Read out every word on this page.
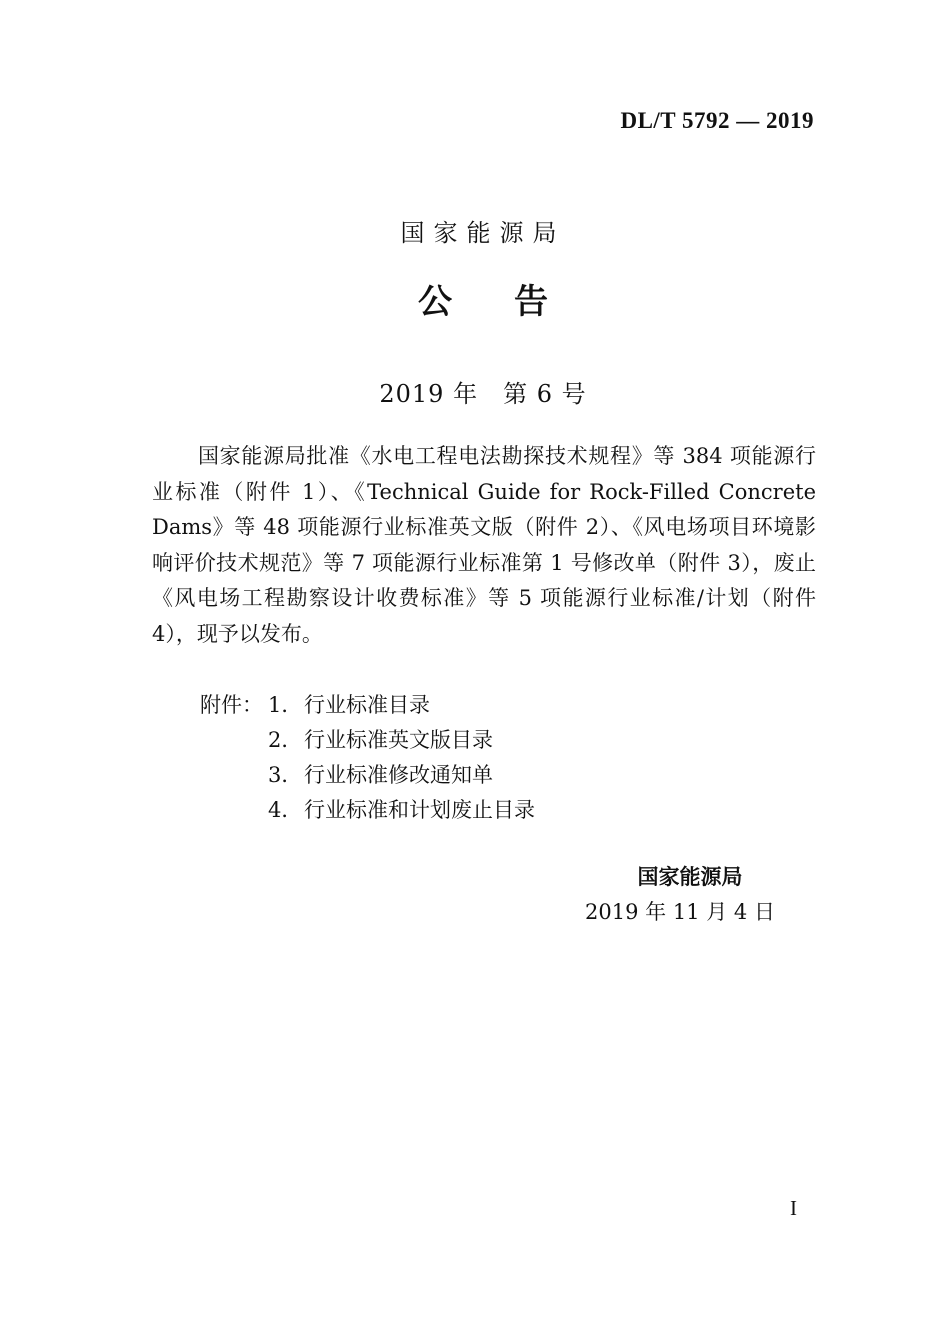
DL/T 5792 — 2019
国家能源局
公告
2019 年　第 6 号

国家能源局批准《水电工程电法勘探技术规程》等 384 项能源行业标准（附件 1）、《Technical Guide for Rock-Filled Concrete Dams》等 48 项能源行业标准英文版（附件 2）、《风电场项目环境影响评价技术规范》等 7 项能源行业标准第 1 号修改单（附件 3），废止《风电场工程勘察设计收费标准》等 5 项能源行业标准/计划（附件 4），现予以发布。

附件： 1． 行业标准目录
2． 行业标准英文版目录
3． 行业标准修改通知单
4． 行业标准和计划废止目录
国家能源局
2019 年 11 月 4 日
I
